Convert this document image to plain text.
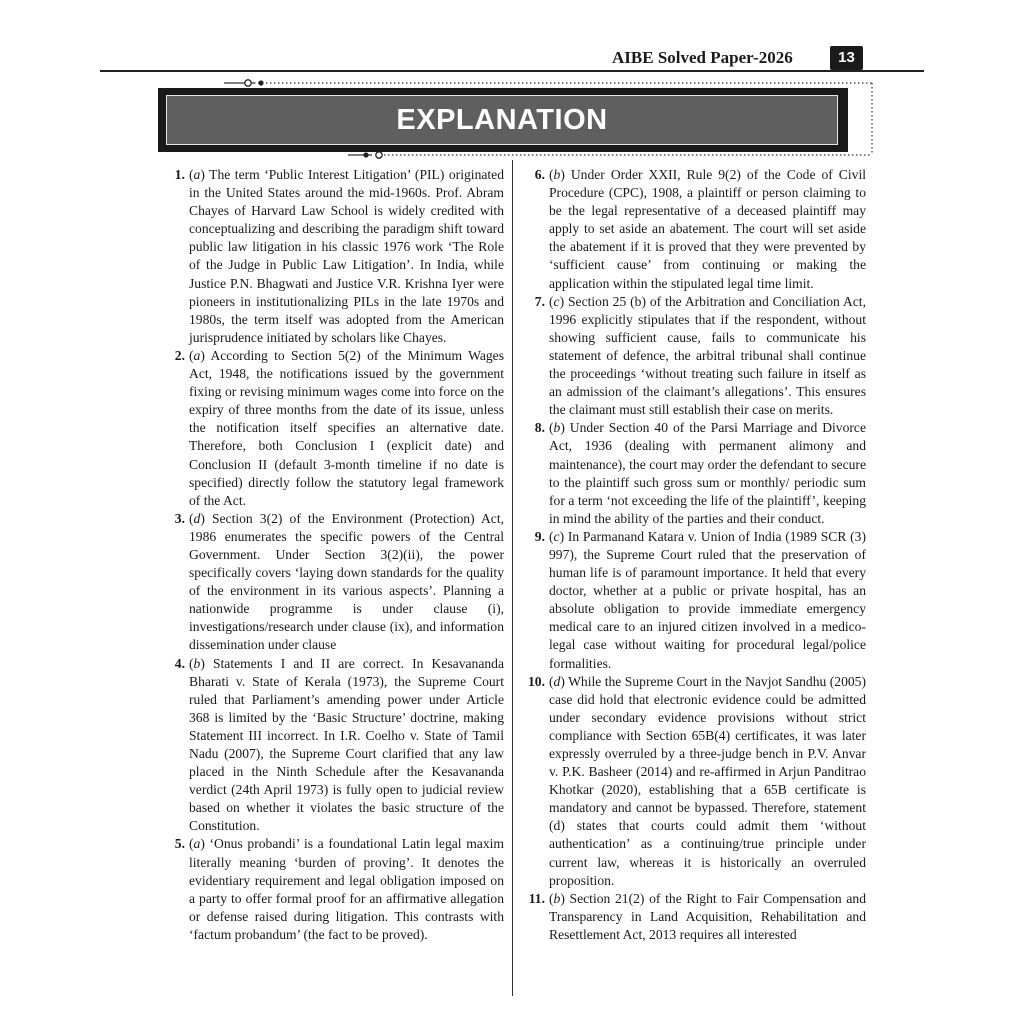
AIBE Solved Paper-2026	13
EXPLANATION

1. (a) The term ‘Public Interest Litigation’ (PIL) originated in the United States around the mid-1960s. Prof. Abram Chayes of Harvard Law School is widely credited with conceptualizing and describing the paradigm shift toward public law litigation in his classic 1976 work ‘The Role of the Judge in Public Law Litigation’. In India, while Justice P.N. Bhagwati and Justice V.R. Krishna Iyer were pioneers in institutionalizing PILs in the late 1970s and 1980s, the term itself was adopted from the American jurisprudence initiated by scholars like Chayes.

2. (a) According to Section 5(2) of the Minimum Wages Act, 1948, the notifications issued by the government fixing or revising minimum wages come into force on the expiry of three months from the date of its issue, unless the notification itself specifies an alternative date. Therefore, both Conclusion I (explicit date) and Conclusion II (default 3-month timeline if no date is specified) directly follow the statutory legal framework of the Act.

3. (d) Section 3(2) of the Environment (Protection) Act, 1986 enumerates the specific powers of the Central Government. Under Section 3(2)(ii), the power specifically covers ‘laying down standards for the quality of the environment in its various aspects’. Planning a nationwide programme is under clause (i), investigations/research under clause (ix), and information dissemination under clause

4. (b) Statements I and II are correct. In Kesavananda Bharati v. State of Kerala (1973), the Supreme Court ruled that Parliament’s amending power under Article 368 is limited by the ‘Basic Structure’ doctrine, making Statement III incorrect. In I.R. Coelho v. State of Tamil Nadu (2007), the Supreme Court clarified that any law placed in the Ninth Schedule after the Kesavananda verdict (24th April 1973) is fully open to judicial review based on whether it violates the basic structure of the Constitution.

5. (a) ‘Onus probandi’ is a foundational Latin legal maxim literally meaning ‘burden of proving’. It denotes the evidentiary requirement and legal obligation imposed on a party to offer formal proof for an affirmative allegation or defense raised during litigation. This contrasts with ‘factum probandum’ (the fact to be proved).

6. (b) Under Order XXII, Rule 9(2) of the Code of Civil Procedure (CPC), 1908, a plaintiff or person claiming to be the legal representative of a deceased plaintiff may apply to set aside an abatement. The court will set aside the abatement if it is proved that they were prevented by ‘sufficient cause’ from continuing or making the application within the stipulated legal time limit.

7. (c) Section 25 (b) of the Arbitration and Conciliation Act, 1996 explicitly stipulates that if the respondent, without showing sufficient cause, fails to communicate his statement of defence, the arbitral tribunal shall continue the proceedings ‘without treating such failure in itself as an admission of the claimant’s allegations’. This ensures the claimant must still establish their case on merits.

8. (b) Under Section 40 of the Parsi Marriage and Divorce Act, 1936 (dealing with permanent alimony and maintenance), the court may order the defendant to secure to the plaintiff such gross sum or monthly/ periodic sum for a term ‘not exceeding the life of the plaintiff’, keeping in mind the ability of the parties and their conduct.

9. (c) In Parmanand Katara v. Union of India (1989 SCR (3) 997), the Supreme Court ruled that the preservation of human life is of paramount importance. It held that every doctor, whether at a public or private hospital, has an absolute obligation to provide immediate emergency medical care to an injured citizen involved in a medico-legal case without waiting for procedural legal/police formalities.

10. (d) While the Supreme Court in the Navjot Sandhu (2005) case did hold that electronic evidence could be admitted under secondary evidence provisions without strict compliance with Section 65B(4) certificates, it was later expressly overruled by a three-judge bench in P.V. Anvar v. P.K. Basheer (2014) and re-affirmed in Arjun Panditrao Khotkar (2020), establishing that a 65B certificate is mandatory and cannot be bypassed. Therefore, statement (d) states that courts could admit them ‘without authentication’ as a continuing/true principle under current law, whereas it is historically an overruled proposition.

11. (b) Section 21(2) of the Right to Fair Compensation and Transparency in Land Acquisition, Rehabilitation and Resettlement Act, 2013 requires all interested
